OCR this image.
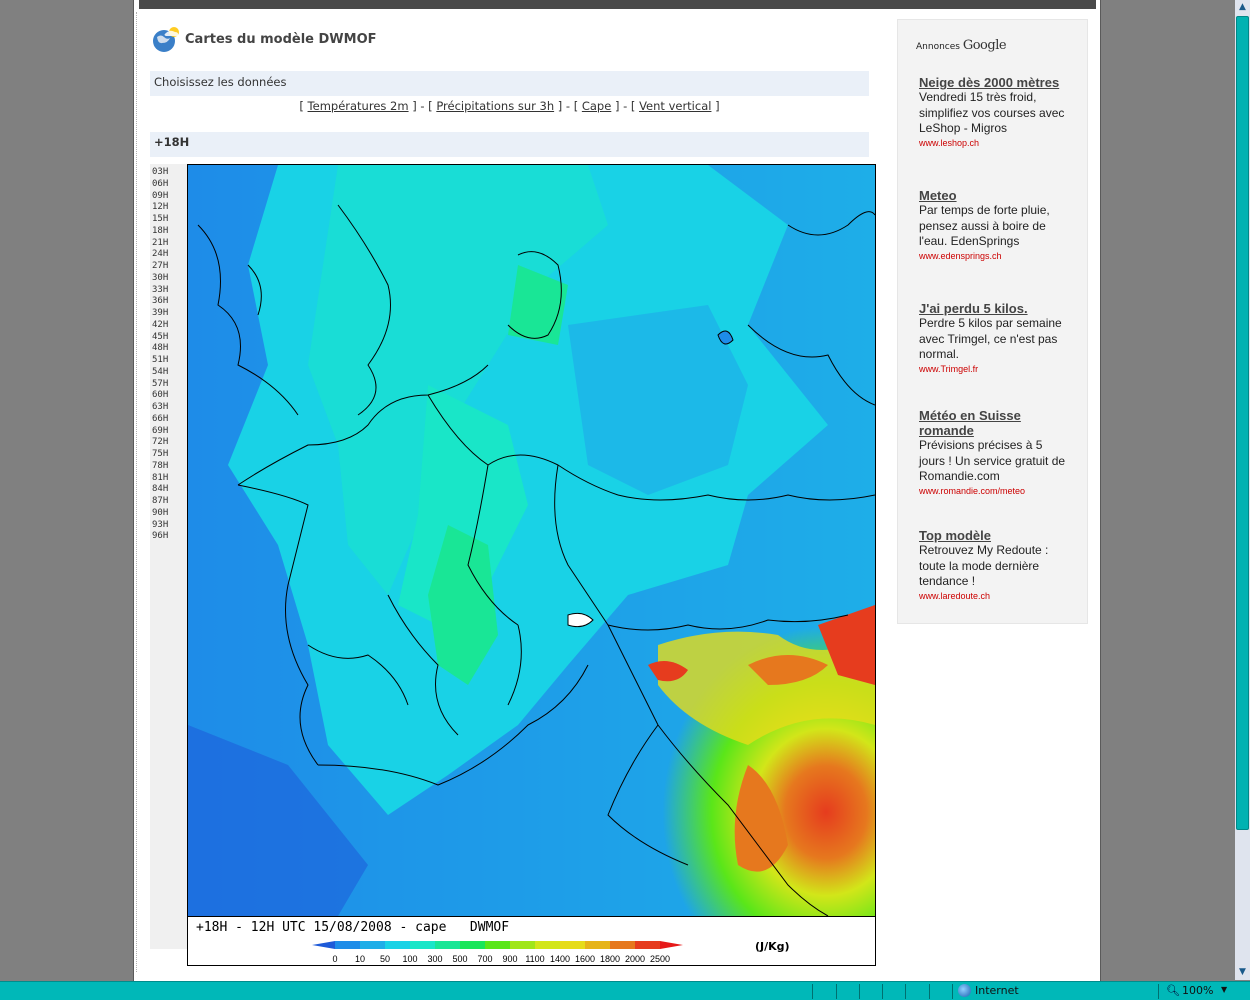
Cartes du modèle DWMOF
Choisissez les données
[ Températures 2m ] - [ Précipitations sur 3h ] - [ Cape ] - [ Vent vertical ]
+18H
03H
06H
09H
12H
15H
18H
21H
24H
27H
30H
33H
36H
39H
42H
45H
48H
51H
54H
57H
60H
63H
66H
69H
72H
75H
78H
81H
84H
87H
90H
93H
96H
+18H - 12H UTC 15/08/2008 - cape   DWMOF
0 10 50 100 300 500 700 900 1100 1400 1600 1800 2000 2500
(J/Kg)
Annonces Google
Neige dès 2000 mètres
Vendredi 15 très froid, simplifiez vos courses avec LeShop - Migros
www.leshop.ch
Meteo
Par temps de forte pluie, pensez aussi à boire de l'eau. EdenSprings
www.edensprings.ch
J'ai perdu 5 kilos.
Perdre 5 kilos par semaine avec Trimgel, ce n'est pas normal.
www.Trimgel.fr
Météo en Suisse romande
Prévisions précises à 5 jours ! Un service gratuit de Romandie.com
www.romandie.com/meteo
Top modèle
Retrouvez My Redoute : toute la mode dernière tendance !
www.laredoute.ch
▲
▼
Internet	🔍︎ 100% ▼
